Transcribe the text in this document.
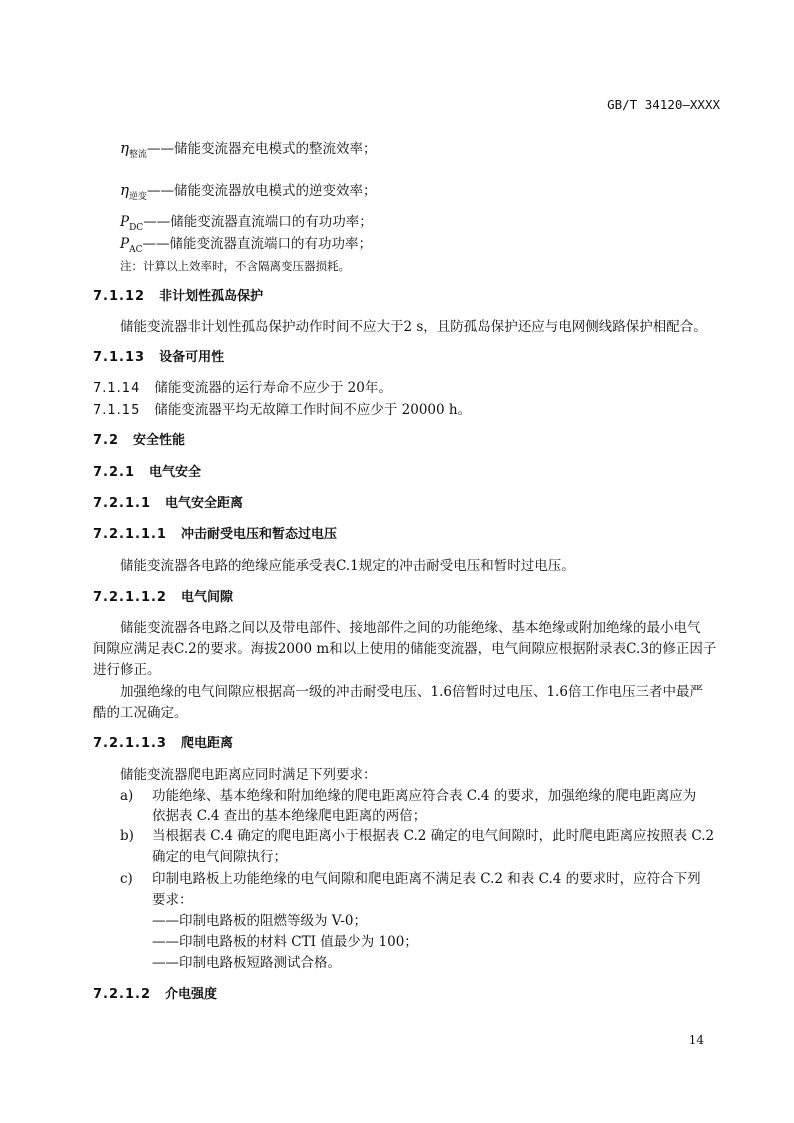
GB/T 34120—XXXX
$\eta_{整流}——$储能变流器充电模式的整流效率；
$\eta_{逆变}——$储能变流器放电模式的逆变效率；
$P_{DC}——$储能变流器直流端口的有功功率；
$P_{AC}——$储能变流器直流端口的有功功率；
注：计算以上效率时，不含隔离变压器损耗。
7.1.12 非计划性孤岛保护
储能变流器非计划性孤岛保护动作时间不应大于2 s，且防孤岛保护还应与电网侧线路保护相配合。
7.1.13 设备可用性
7.1.14 储能变流器的运行寿命不应少于 20年。
7.1.15 储能变流器平均无故障工作时间不应少于 20000 h。
7.2 安全性能
7.2.1 电气安全
7.2.1.1 电气安全距离
7.2.1.1.1 冲击耐受电压和暂态过电压
储能变流器各电路的绝缘应能承受表C.1规定的冲击耐受电压和暂时过电压。
7.2.1.1.2 电气间隙
储能变流器各电路之间以及带电部件、接地部件之间的功能绝缘、基本绝缘或附加绝缘的最小电气
间隙应满足表C.2的要求。海拔2000 m和以上使用的储能变流器，电气间隙应根据附录表C.3的修正因子
进行修正。
加强绝缘的电气间隙应根据高一级的冲击耐受电压、1.6倍暂时过电压、1.6倍工作电压三者中最严
酷的工况确定。
7.2.1.1.3 爬电距离
储能变流器爬电距离应同时满足下列要求：
a) 功能绝缘、基本绝缘和附加绝缘的爬电距离应符合表 C.4 的要求，加强绝缘的爬电距离应为
依据表 C.4 查出的基本绝缘爬电距离的两倍；
b) 当根据表 C.4 确定的爬电距离小于根据表 C.2 确定的电气间隙时，此时爬电距离应按照表 C.2
确定的电气间隙执行；
c) 印制电路板上功能绝缘的电气间隙和爬电距离不满足表 C.2 和表 C.4 的要求时，应符合下列
要求：
——印制电路板的阻燃等级为 V-0；
——印制电路板的材料 CTI 值最少为 100；
——印制电路板短路测试合格。
7.2.1.2 介电强度
14
